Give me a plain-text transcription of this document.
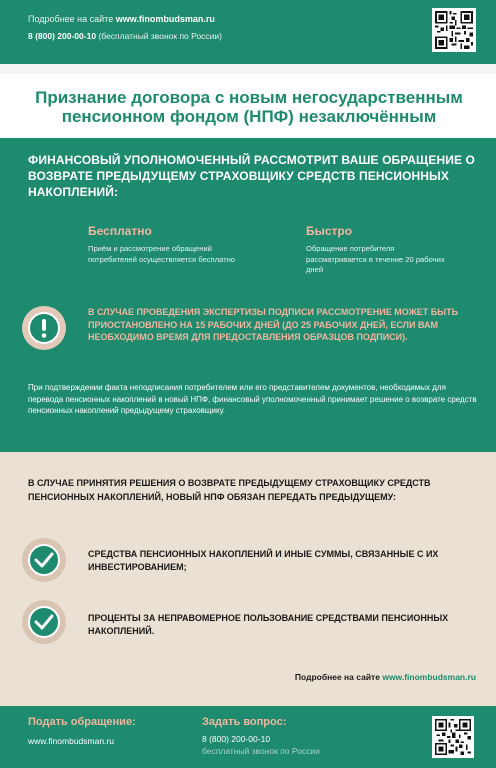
Подробнее на сайте www.finombudsman.ru
8 (800) 200-00-10 (бесплатный звонок по России)
Признание договора с новым негосударственным пенсионном фондом (НПФ) незаключённым
ФИНАНСОВЫЙ УПОЛНОМОЧЕННЫЙ РАССМОТРИТ ВАШЕ ОБРАЩЕНИЕ О ВОЗВРАТЕ ПРЕДЫДУЩЕМУ СТРАХОВЩИКУ СРЕДСТВ ПЕНСИОННЫХ НАКОПЛЕНИЙ:
Бесплатно
Приём и рассмотрение обращений потребителей осуществляется бесплатно
Быстро
Обращение потребителя рассматривается в течение 20 рабочих дней
В СЛУЧАЕ ПРОВЕДЕНИЯ ЭКСПЕРТИЗЫ ПОДПИСИ РАССМОТРЕНИЕ МОЖЕТ БЫТЬ ПРИОСТАНОВЛЕНО НА 15 РАБОЧИХ ДНЕЙ (ДО 25 РАБОЧИХ ДНЕЙ, ЕСЛИ ВАМ НЕОБХОДИМО ВРЕМЯ ДЛЯ ПРЕДОСТАВЛЕНИЯ ОБРАЗЦОВ ПОДПИСИ).
При подтверждении факта неподписания потребителем или его представителем документов, необходимых для перевода пенсионных накоплений в новый НПФ, финансовый уполномоченный принимает решение о возврате средств пенсионных накоплений предыдущему страховщику.
В СЛУЧАЕ ПРИНЯТИЯ РЕШЕНИЯ О ВОЗВРАТЕ ПРЕДЫДУЩЕМУ СТРАХОВЩИКУ СРЕДСТВ ПЕНСИОННЫХ НАКОПЛЕНИЙ, НОВЫЙ НПФ ОБЯЗАН ПЕРЕДАТЬ ПРЕДЫДУЩЕМУ:
СРЕДСТВА ПЕНСИОННЫХ НАКОПЛЕНИЙ И ИНЫЕ СУММЫ, СВЯЗАННЫЕ С ИХ ИНВЕСТИРОВАНИЕМ;
ПРОЦЕНТЫ ЗА НЕПРАВОМЕРНОЕ ПОЛЬЗОВАНИЕ СРЕДСТВАМИ ПЕНСИОННЫХ НАКОПЛЕНИЙ.
Подробнее на сайте www.finombudsman.ru
Подать обращение:
www.finombudsman.ru
Задать вопрос:
8 (800) 200-00-10
бесплатный звонок по России
